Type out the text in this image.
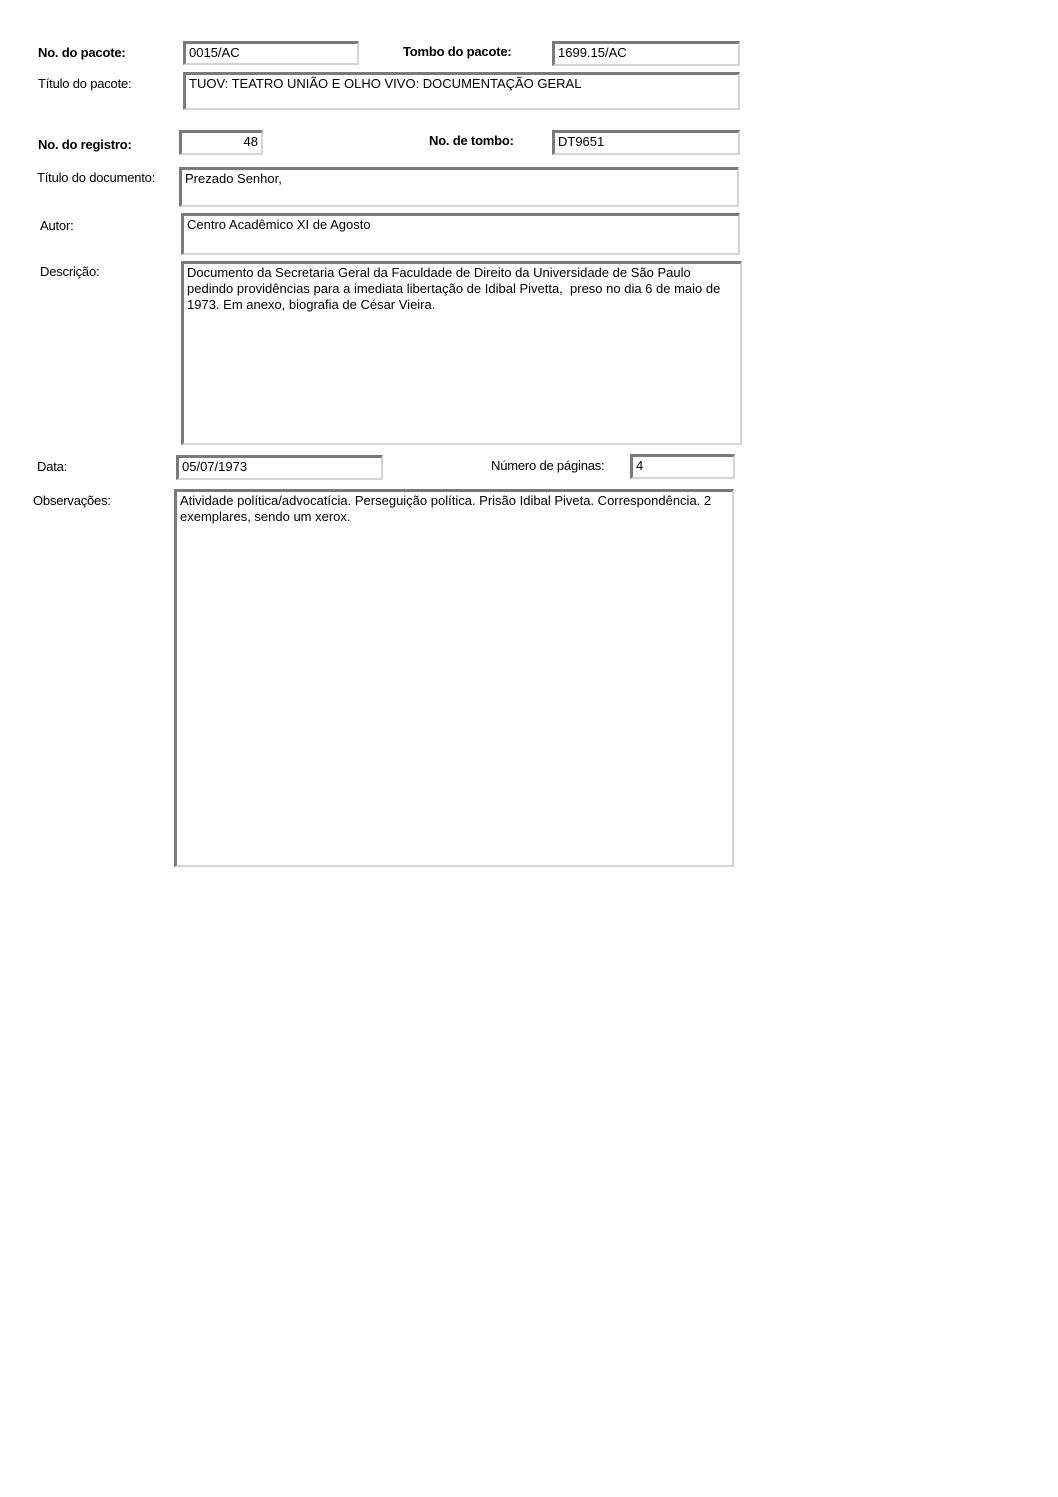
No. do pacote:	0015/AC	Tombo do pacote:	1699.15/AC
Título do pacote:	TUOV: TEATRO UNIÃO E OLHO VIVO: DOCUMENTAÇÃO GERAL
No. do registro:	48	No. de tombo:	DT9651
Título do documento:	Prezado Senhor,
Autor:	Centro Acadêmico XI de Agosto
Descrição:	Documento da Secretaria Geral da Faculdade de Direito da Universidade de São Paulo pedindo providências para a imediata libertação de Idibal Pivetta,  preso no dia 6 de maio de 1973. Em anexo, biografia de César Vieira.
Data:	05/07/1973	Número de páginas:	4
Observações:	Atividade política/advocatícia. Perseguição política. Prisão Idibal Piveta. Correspondência. 2 exemplares, sendo um xerox.
